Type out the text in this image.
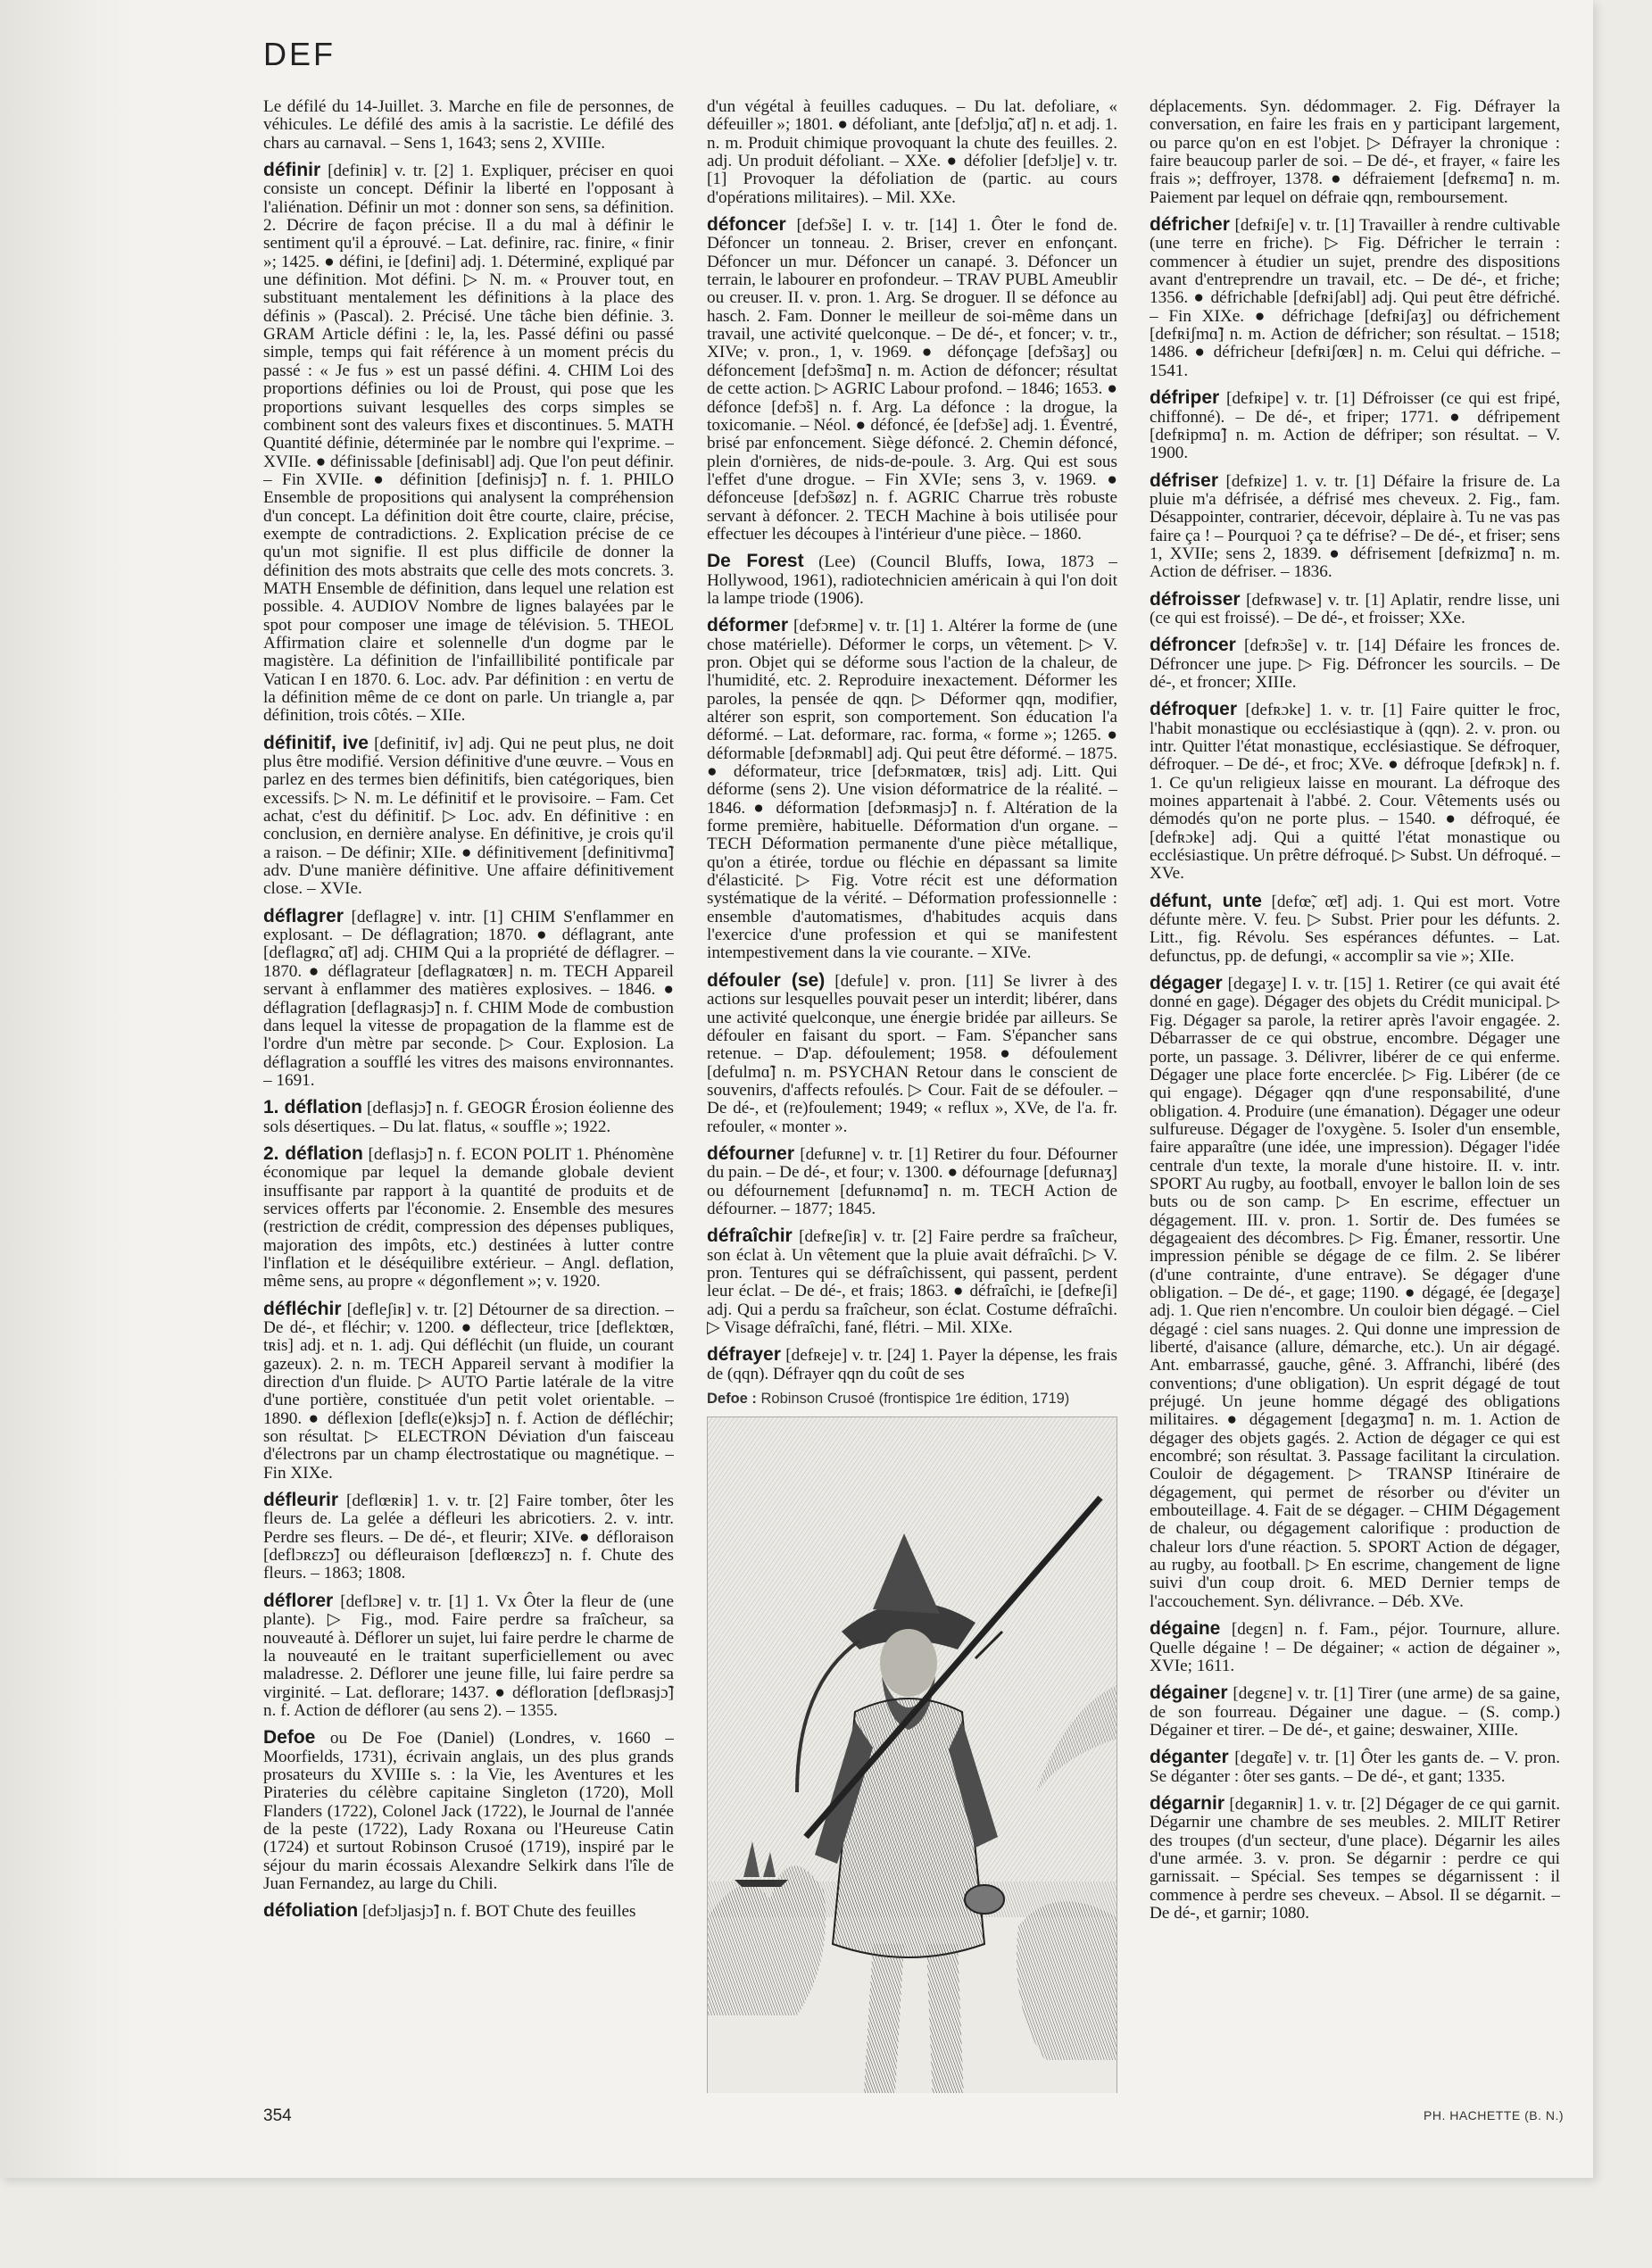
DEF

Le défilé du 14-Juillet. 3. Marche en file de personnes, de véhicules. Le défilé des amis à la sacristie. Le défilé des chars au carnaval. – Sens 1, 1643; sens 2, XVIIIe.

définir [definiʀ] v. tr. [2] 1. Expliquer, préciser en quoi consiste un concept. Définir la liberté en l'opposant à l'aliénation. Définir un mot : donner son sens, sa définition. 2. Décrire de façon précise. Il a du mal à définir le sentiment qu'il a éprouvé. – Lat. definire, rac. finire, « finir »; 1425. ● défini, ie [defini] adj. 1. Déterminé, expliqué par une définition. Mot défini. ▷ N. m. « Prouver tout, en substituant mentalement les définitions à la place des définis » (Pascal). 2. Précisé. Une tâche bien définie. 3. GRAM Article défini : le, la, les. Passé défini ou passé simple, temps qui fait référence à un moment précis du passé : « Je fus » est un passé défini. 4. CHIM Loi des proportions définies ou loi de Proust, qui pose que les proportions suivant lesquelles des corps simples se combinent sont des valeurs fixes et discontinues. 5. MATH Quantité définie, déterminée par le nombre qui l'exprime. – XVIIe. ● définissable [definisabl] adj. Que l'on peut définir. – Fin XVIIe. ● définition [definisjɔ̃] n. f. 1. PHILO Ensemble de propositions qui analysent la compréhension d'un concept. La définition doit être courte, claire, précise, exempte de contradictions. 2. Explication précise de ce qu'un mot signifie. Il est plus difficile de donner la définition des mots abstraits que celle des mots concrets. 3. MATH Ensemble de définition, dans lequel une relation est possible. 4. AUDIOV Nombre de lignes balayées par le spot pour composer une image de télévision. 5. THEOL Affirmation claire et solennelle d'un dogme par le magistère. La définition de l'infaillibilité pontificale par Vatican I en 1870. 6. Loc. adv. Par définition : en vertu de la définition même de ce dont on parle. Un triangle a, par définition, trois côtés. – XIIe.

définitif, ive [definitif, iv] adj. Qui ne peut plus, ne doit plus être modifié. Version définitive d'une œuvre. – Vous en parlez en des termes bien définitifs, bien catégoriques, bien excessifs. ▷ N. m. Le définitif et le provisoire. – Fam. Cet achat, c'est du définitif. ▷ Loc. adv. En définitive : en conclusion, en dernière analyse. En définitive, je crois qu'il a raison. – De définir; XIIe. ● définitivement [definitivmɑ̃] adv. D'une manière définitive. Une affaire définitivement close. – XVIe.

déflagrer [deflagʀe] v. intr. [1] CHIM S'enflammer en explosant. – De déflagration; 1870. ● déflagrant, ante [deflagʀɑ̃, ɑ̃t] adj. CHIM Qui a la propriété de déflagrer. – 1870. ● déflagrateur [deflagʀatœʀ] n. m. TECH Appareil servant à enflammer des matières explosives. – 1846. ● déflagration [deflagʀasjɔ̃] n. f. CHIM Mode de combustion dans lequel la vitesse de propagation de la flamme est de l'ordre d'un mètre par seconde. ▷ Cour. Explosion. La déflagration a soufflé les vitres des maisons environnantes. – 1691.

1. déflation [deflasjɔ̃] n. f. GEOGR Érosion éolienne des sols désertiques. – Du lat. flatus, « souffle »; 1922.

2. déflation [deflasjɔ̃] n. f. ECON POLIT 1. Phénomène économique par lequel la demande globale devient insuffisante par rapport à la quantité de produits et de services offerts par l'économie. 2. Ensemble des mesures (restriction de crédit, compression des dépenses publiques, majoration des impôts, etc.) destinées à lutter contre l'inflation et le déséquilibre extérieur. – Angl. deflation, même sens, au propre « dégonflement »; v. 1920.

défléchir [defleʃiʀ] v. tr. [2] Détourner de sa direction. – De dé-, et fléchir; v. 1200. ● déflecteur, trice [deflɛktœʀ, tʀis] adj. et n. 1. adj. Qui défléchit (un fluide, un courant gazeux). 2. n. m. TECH Appareil servant à modifier la direction d'un fluide. ▷ AUTO Partie latérale de la vitre d'une portière, constituée d'un petit volet orientable. – 1890. ● déflexion [deflɛ(e)ksjɔ̃] n. f. Action de défléchir; son résultat. ▷ ELECTRON Déviation d'un faisceau d'électrons par un champ électrostatique ou magnétique. – Fin XIXe.

défleurir [deflœʀiʀ] 1. v. tr. [2] Faire tomber, ôter les fleurs de. La gelée a défleuri les abricotiers. 2. v. intr. Perdre ses fleurs. – De dé-, et fleurir; XIVe. ● défloraison [deflɔʀɛzɔ̃] ou défleuraison [deflœʀɛzɔ̃] n. f. Chute des fleurs. – 1863; 1808.

déflorer [deflɔʀe] v. tr. [1] 1. Vx Ôter la fleur de (une plante). ▷ Fig., mod. Faire perdre sa fraîcheur, sa nouveauté à. Déflorer un sujet, lui faire perdre le charme de la nouveauté en le traitant superficiellement ou avec maladresse. 2. Déflorer une jeune fille, lui faire perdre sa virginité. – Lat. deflorare; 1437. ● défloration [deflɔʀasjɔ̃] n. f. Action de déflorer (au sens 2). – 1355.

Defoe ou De Foe (Daniel) (Londres, v. 1660 – Moorfields, 1731), écrivain anglais, un des plus grands prosateurs du XVIIIe s. : la Vie, les Aventures et les Pirateries du célèbre capitaine Singleton (1720), Moll Flanders (1722), Colonel Jack (1722), le Journal de l'année de la peste (1722), Lady Roxana ou l'Heureuse Catin (1724) et surtout Robinson Crusoé (1719), inspiré par le séjour du marin écossais Alexandre Selkirk dans l'île de Juan Fernandez, au large du Chili.

défoliation [defɔljasjɔ̃] n. f. BOT Chute des feuilles

d'un végétal à feuilles caduques. – Du lat. defoliare, « défeuiller »; 1801. ● défoliant, ante [defɔljɑ̃, ɑ̃t] n. et adj. 1. n. m. Produit chimique provoquant la chute des feuilles. 2. adj. Un produit défoliant. – XXe. ● défolier [defɔlje] v. tr. [1] Provoquer la défoliation de (partic. au cours d'opérations militaires). – Mil. XXe.

défoncer [defɔ̃se] I. v. tr. [14] 1. Ôter le fond de. Défoncer un tonneau. 2. Briser, crever en enfonçant. Défoncer un mur. Défoncer un canapé. 3. Défoncer un terrain, le labourer en profondeur. – TRAV PUBL Ameublir ou creuser. II. v. pron. 1. Arg. Se droguer. Il se défonce au hasch. 2. Fam. Donner le meilleur de soi-même dans un travail, une activité quelconque. – De dé-, et foncer; v. tr., XIVe; v. pron., 1, v. 1969. ● défonçage [defɔ̃saʒ] ou défoncement [defɔ̃smɑ̃] n. m. Action de défoncer; résultat de cette action. ▷ AGRIC Labour profond. – 1846; 1653. ● défonce [defɔ̃s] n. f. Arg. La défonce : la drogue, la toxicomanie. – Néol. ● défoncé, ée [defɔ̃se] adj. 1. Éventré, brisé par enfoncement. Siège défoncé. 2. Chemin défoncé, plein d'ornières, de nids-de-poule. 3. Arg. Qui est sous l'effet d'une drogue. – Fin XVIe; sens 3, v. 1969. ● défonceuse [defɔ̃søz] n. f. AGRIC Charrue très robuste servant à défoncer. 2. TECH Machine à bois utilisée pour effectuer les découpes à l'intérieur d'une pièce. – 1860.

De Forest (Lee) (Council Bluffs, Iowa, 1873 – Hollywood, 1961), radiotechnicien américain à qui l'on doit la lampe triode (1906).

déformer [defɔʀme] v. tr. [1] 1. Altérer la forme de (une chose matérielle). Déformer le corps, un vêtement. ▷ V. pron. Objet qui se déforme sous l'action de la chaleur, de l'humidité, etc. 2. Reproduire inexactement. Déformer les paroles, la pensée de qqn. ▷ Déformer qqn, modifier, altérer son esprit, son comportement. Son éducation l'a déformé. – Lat. deformare, rac. forma, « forme »; 1265. ● déformable [defɔʀmabl] adj. Qui peut être déformé. – 1875. ● déformateur, trice [defɔʀmatœʀ, tʀis] adj. Litt. Qui déforme (sens 2). Une vision déformatrice de la réalité. – 1846. ● déformation [defɔʀmasjɔ̃] n. f. Altération de la forme première, habituelle. Déformation d'un organe. – TECH Déformation permanente d'une pièce métallique, qu'on a étirée, tordue ou fléchie en dépassant sa limite d'élasticité. ▷ Fig. Votre récit est une déformation systématique de la vérité. – Déformation professionnelle : ensemble d'automatismes, d'habitudes acquis dans l'exercice d'une profession et qui se manifestent intempestivement dans la vie courante. – XIVe.

défouler (se) [defule] v. pron. [11] Se livrer à des actions sur lesquelles pouvait peser un interdit; libérer, dans une activité quelconque, une énergie bridée par ailleurs. Se défouler en faisant du sport. – Fam. S'épancher sans retenue. – D'ap. défoulement; 1958. ● défoulement [defulmɑ̃] n. m. PSYCHAN Retour dans le conscient de souvenirs, d'affects refoulés. ▷ Cour. Fait de se défouler. – De dé-, et (re)foulement; 1949; « reflux », XVe, de l'a. fr. refouler, « monter ».

défourner [defuʀne] v. tr. [1] Retirer du four. Défourner du pain. – De dé-, et four; v. 1300. ● défournage [defuʀnaʒ] ou défournement [defuʀnəmɑ̃] n. m. TECH Action de défourner. – 1877; 1845.

défraîchir [defʀeʃiʀ] v. tr. [2] Faire perdre sa fraîcheur, son éclat à. Un vêtement que la pluie avait défraîchi. ▷ V. pron. Tentures qui se défraîchissent, qui passent, perdent leur éclat. – De dé-, et frais; 1863. ● défraîchi, ie [defʀeʃi] adj. Qui a perdu sa fraîcheur, son éclat. Costume défraîchi. ▷ Visage défraîchi, fané, flétri. – Mil. XIXe.

défrayer [defʀeje] v. tr. [24] 1. Payer la dépense, les frais de (qqn). Défrayer qqn du coût de ses

Defoe : Robinson Crusoé (frontispice 1re édition, 1719)

déplacements. Syn. dédommager. 2. Fig. Défrayer la conversation, en faire les frais en y participant largement, ou parce qu'on en est l'objet. ▷ Défrayer la chronique : faire beaucoup parler de soi. – De dé-, et frayer, « faire les frais »; deffroyer, 1378. ● défraiement [defʀɛmɑ̃] n. m. Paiement par lequel on défraie qqn, remboursement.

défricher [defʀiʃe] v. tr. [1] Travailler à rendre cultivable (une terre en friche). ▷ Fig. Défricher le terrain : commencer à étudier un sujet, prendre des dispositions avant d'entreprendre un travail, etc. – De dé-, et friche; 1356. ● défrichable [defʀiʃabl] adj. Qui peut être défriché. – Fin XIXe. ● défrichage [defʀiʃaʒ] ou défrichement [defʀiʃmɑ̃] n. m. Action de défricher; son résultat. – 1518; 1486. ● défricheur [defʀiʃœʀ] n. m. Celui qui défriche. – 1541.

défriper [defʀipe] v. tr. [1] Défroisser (ce qui est fripé, chiffonné). – De dé-, et friper; 1771. ● défripement [defʀipmɑ̃] n. m. Action de défriper; son résultat. – V. 1900.

défriser [defʀize] 1. v. tr. [1] Défaire la frisure de. La pluie m'a défrisée, a défrisé mes cheveux. 2. Fig., fam. Désappointer, contrarier, décevoir, déplaire à. Tu ne vas pas faire ça ! – Pourquoi ? ça te défrise? – De dé-, et friser; sens 1, XVIIe; sens 2, 1839. ● défrisement [defʀizmɑ̃] n. m. Action de défriser. – 1836.

défroisser [defʀwase] v. tr. [1] Aplatir, rendre lisse, uni (ce qui est froissé). – De dé-, et froisser; XXe.

défroncer [defʀɔ̃se] v. tr. [14] Défaire les fronces de. Défroncer une jupe. ▷ Fig. Défroncer les sourcils. – De dé-, et froncer; XIIIe.

défroquer [defʀɔke] 1. v. tr. [1] Faire quitter le froc, l'habit monastique ou ecclésiastique à (qqn). 2. v. pron. ou intr. Quitter l'état monastique, ecclésiastique. Se défroquer, défroquer. – De dé-, et froc; XVe. ● défroque [defʀɔk] n. f. 1. Ce qu'un religieux laisse en mourant. La défroque des moines appartenait à l'abbé. 2. Cour. Vêtements usés ou démodés qu'on ne porte plus. – 1540. ● défroqué, ée [defʀɔke] adj. Qui a quitté l'état monastique ou ecclésiastique. Un prêtre défroqué. ▷ Subst. Un défroqué. – XVe.

défunt, unte [defœ̃, œ̃t] adj. 1. Qui est mort. Votre défunte mère. V. feu. ▷ Subst. Prier pour les défunts. 2. Litt., fig. Révolu. Ses espérances défuntes. – Lat. defunctus, pp. de defungi, « accomplir sa vie »; XIIe.

dégager [degaʒe] I. v. tr. [15] 1. Retirer (ce qui avait été donné en gage). Dégager des objets du Crédit municipal. ▷ Fig. Dégager sa parole, la retirer après l'avoir engagée. 2. Débarrasser de ce qui obstrue, encombre. Dégager une porte, un passage. 3. Délivrer, libérer de ce qui enferme. Dégager une place forte encerclée. ▷ Fig. Libérer (de ce qui engage). Dégager qqn d'une responsabilité, d'une obligation. 4. Produire (une émanation). Dégager une odeur sulfureuse. Dégager de l'oxygène. 5. Isoler d'un ensemble, faire apparaître (une idée, une impression). Dégager l'idée centrale d'un texte, la morale d'une histoire. II. v. intr. SPORT Au rugby, au football, envoyer le ballon loin de ses buts ou de son camp. ▷ En escrime, effectuer un dégagement. III. v. pron. 1. Sortir de. Des fumées se dégageaient des décombres. ▷ Fig. Émaner, ressortir. Une impression pénible se dégage de ce film. 2. Se libérer (d'une contrainte, d'une entrave). Se dégager d'une obligation. – De dé-, et gage; 1190. ● dégagé, ée [degaʒe] adj. 1. Que rien n'encombre. Un couloir bien dégagé. – Ciel dégagé : ciel sans nuages. 2. Qui donne une impression de liberté, d'aisance (allure, démarche, etc.). Un air dégagé. Ant. embarrassé, gauche, gêné. 3. Affranchi, libéré (des conventions; d'une obligation). Un esprit dégagé de tout préjugé. Un jeune homme dégagé des obligations militaires. ● dégagement [degaʒmɑ̃] n. m. 1. Action de dégager des objets gagés. 2. Action de dégager ce qui est encombré; son résultat. 3. Passage facilitant la circulation. Couloir de dégagement. ▷ TRANSP Itinéraire de dégagement, qui permet de résorber ou d'éviter un embouteillage. 4. Fait de se dégager. – CHIM Dégagement de chaleur, ou dégagement calorifique : production de chaleur lors d'une réaction. 5. SPORT Action de dégager, au rugby, au football. ▷ En escrime, changement de ligne suivi d'un coup droit. 6. MED Dernier temps de l'accouchement. Syn. délivrance. – Déb. XVe.

dégaine [degɛn] n. f. Fam., péjor. Tournure, allure. Quelle dégaine ! – De dégainer; « action de dégainer », XVIe; 1611.

dégainer [degɛne] v. tr. [1] Tirer (une arme) de sa gaine, de son fourreau. Dégainer une dague. – (S. comp.) Dégainer et tirer. – De dé-, et gaine; deswainer, XIIIe.

déganter [degɑ̃te] v. tr. [1] Ôter les gants de. – V. pron. Se déganter : ôter ses gants. – De dé-, et gant; 1335.

dégarnir [degaʀniʀ] 1. v. tr. [2] Dégager de ce qui garnit. Dégarnir une chambre de ses meubles. 2. MILIT Retirer des troupes (d'un secteur, d'une place). Dégarnir les ailes d'une armée. 3. v. pron. Se dégarnir : perdre ce qui garnissait. – Spécial. Ses tempes se dégarnissent : il commence à perdre ses cheveux. – Absol. Il se dégarnit. – De dé-, et garnir; 1080.

354	PH. HACHETTE (B. N.)
